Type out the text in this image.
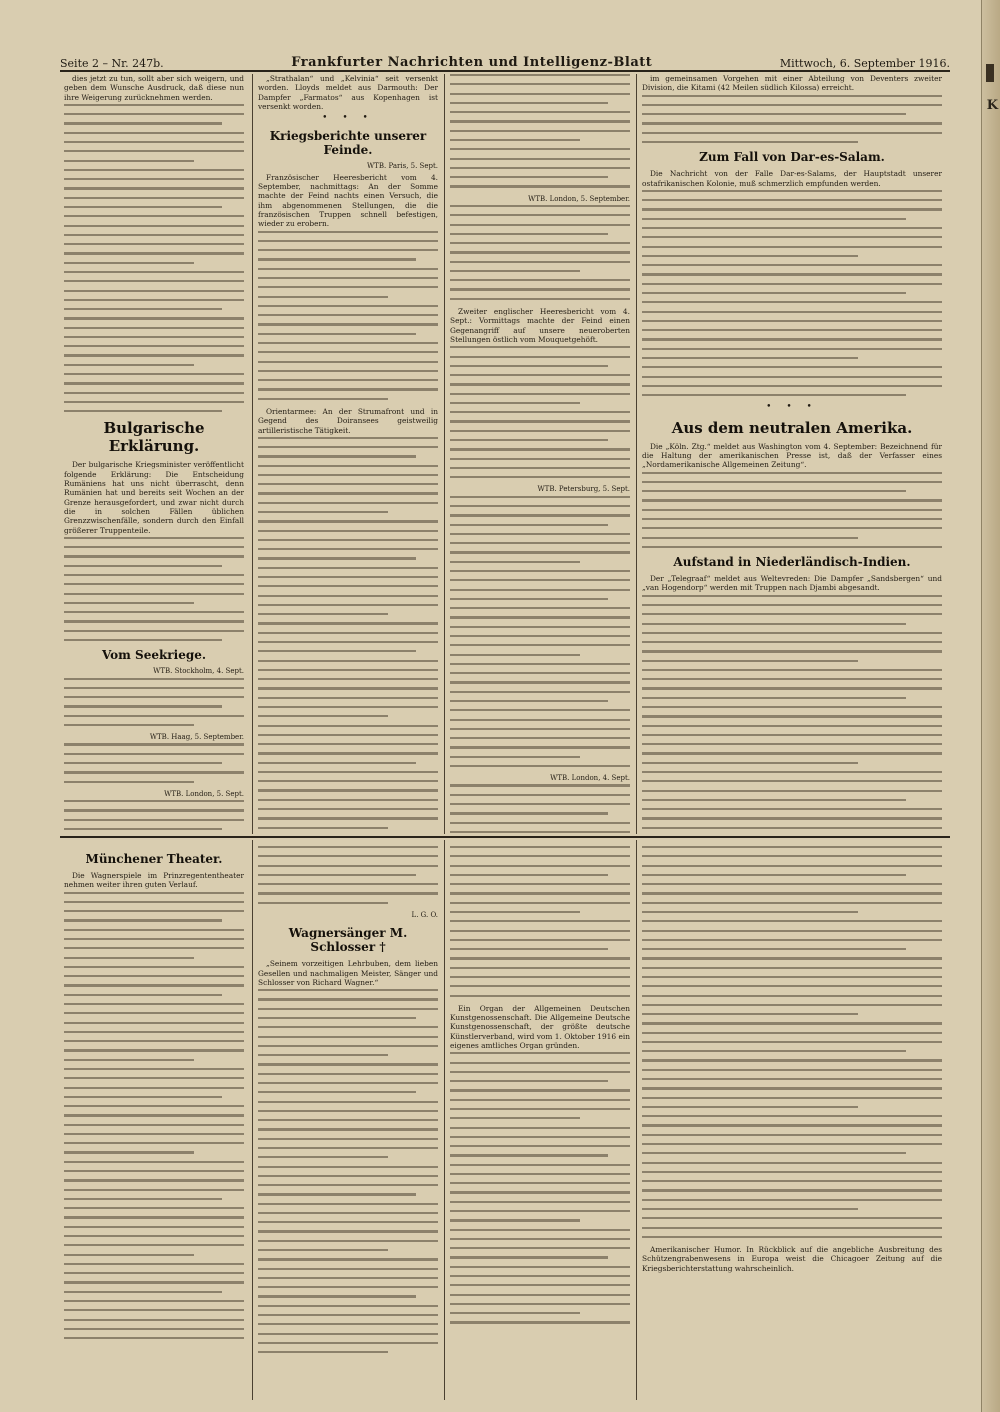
K
Seite 2 – Nr. 247b.	Frankfurter Nachrichten und Intelligenz-Blatt	Mittwoch, 6. September 1916.

dies jetzt zu tun, sollt aber sich weigern, und geben dem Wunsche Ausdruck, daß diese nun ihre Weigerung zurücknehmen werden.

Bulgarische Erklärung.

Der bulgarische Kriegsminister veröffentlicht folgende Erklärung: Die Entscheidung Rumäniens hat uns nicht überrascht, denn Rumänien hat und bereits seit Wochen an der Grenze herausgefordert, und zwar nicht durch die in solchen Fällen üblichen Grenzzwischenfälle, sondern durch den Einfall größerer Truppenteile.

Vom Seekriege.
WTB. Stockholm, 4. Sept.
WTB. Haag, 5. September.
WTB. London, 5. Sept.

„Strathalan“ und „Kelvinia“ seit versenkt worden. Lloyds meldet aus Darmouth: Der Dampfer „Farmatos“ aus Kopenhagen ist versenkt worden.

• • •
Kriegsberichte unserer Feinde.
WTB. Paris, 5. Sept.

Französischer Heeresbericht vom 4. September, nachmittags: An der Somme machte der Feind nachts einen Versuch, die ihm abgenommenen Stellungen, die die französischen Truppen schnell befestigen, wieder zu erobern.

Orientarmee: An der Strumafront und in Gegend des Doiransees geistweilig artilleristische Tätigkeit.

WTB. London, 5. September.

Zweiter englischer Heeresbericht vom 4. Sept.: Vormittags machte der Feind einen Gegenangriff auf unsere neueroberten Stellungen östlich vom Mouquetgehöft.

WTB. Petersburg, 5. Sept.
WTB. London, 4. Sept.

im gemeinsamen Vorgehen mit einer Abteilung von Deventers zweiter Division, die Kitami (42 Meilen südlich Kilossa) erreicht.

Zum Fall von Dar-es-Salam.

Die Nachricht von der Falle Dar-es-Salams, der Hauptstadt unserer ostafrikanischen Kolonie, muß schmerzlich empfunden werden.

• • •
Aus dem neutralen Amerika.

Die „Köln. Ztg.“ meldet aus Washington vom 4. September: Bezeichnend für die Haltung der amerikanischen Presse ist, daß der Verfasser eines „Nordamerikanische Allgemeinen Zeitung“.

Aufstand in Niederländisch-Indien.

Der „Telegraaf“ meldet aus Weltevreden: Die Dampfer „Sandsbergen“ und „van Hogendorp“ werden mit Truppen nach Djambi abgesandt.

Münchener Theater.

Die Wagnerspiele im Prinzregententheater nehmen weiter ihren guten Verlauf.

L. G. O.
Wagnersänger M. Schlosser †

„Seinem vorzeitigen Lehrbuben, dem lieben Gesellen und nachmaligen Meister, Sänger und Schlosser von Richard Wagner.“

Ein Organ der Allgemeinen Deutschen Kunstgenossenschaft. Die Allgemeine Deutsche Kunstgenossenschaft, der größte deutsche Künstlerverband, wird vom 1. Oktober 1916 ein eigenes amtliches Organ gründen.

Amerikanischer Humor. In Rückblick auf die angebliche Ausbreitung des Schützengrabenwesens in Europa weist die Chicagoer Zeitung auf die Kriegsberichterstattung wahrscheinlich.
